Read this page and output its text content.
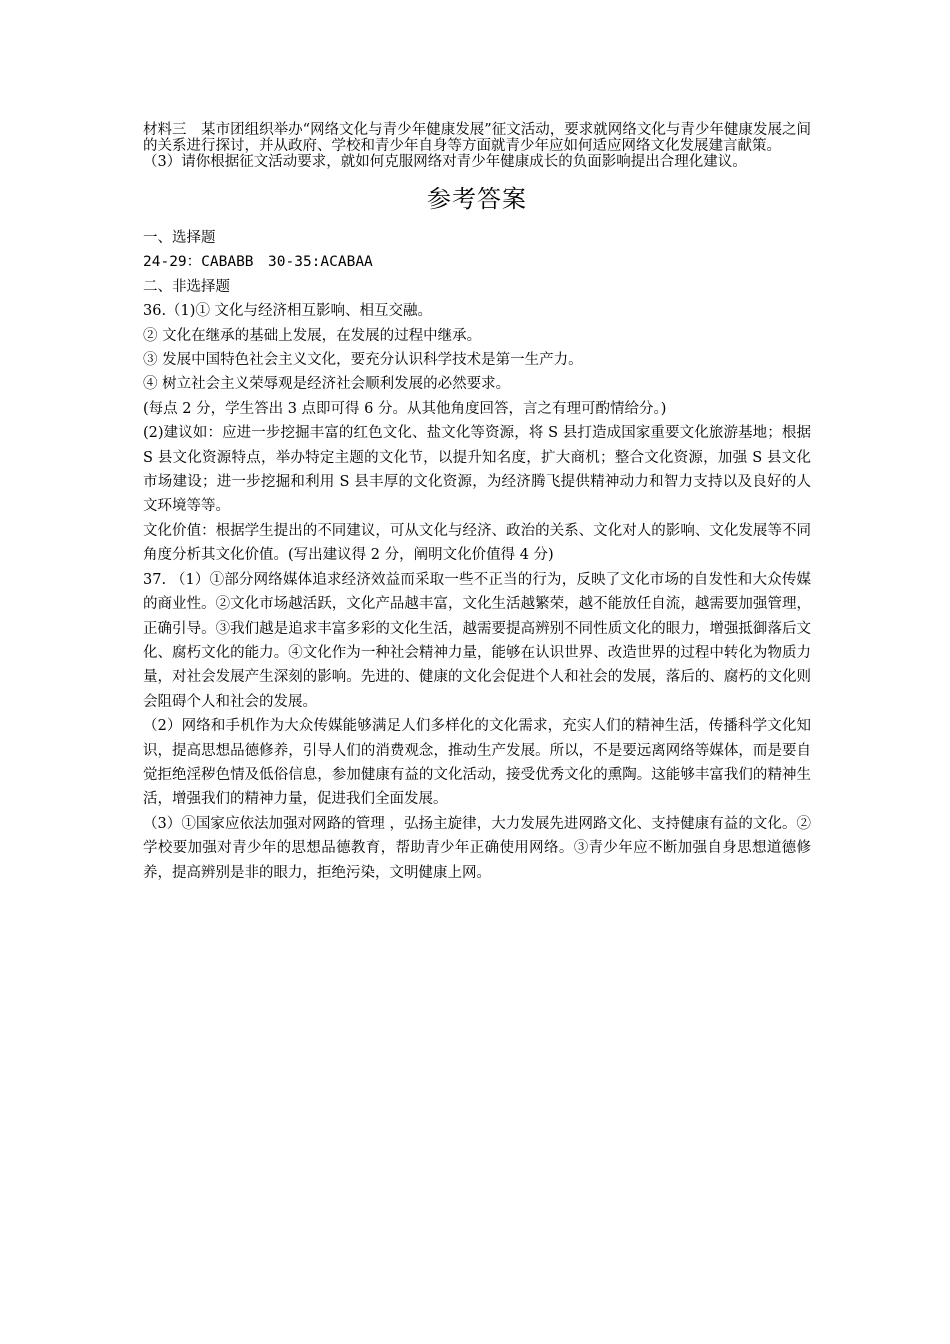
材料三　某市团组织举办“网络文化与青少年健康发展”征文活动，要求就网络文化与青少年健康发展之间的关系进行探讨，并从政府、学校和青少年自身等方面就青少年应如何适应网络文化发展建言献策。

（3）请你根据征文活动要求，就如何克服网络对青少年健康成长的负面影响提出合理化建议。

参考答案

一、选择题

24-29：CABABB　30-35:ACABAA

二、非选择题

36.（1)① 文化与经济相互影响、相互交融。

② 文化在继承的基础上发展，在发展的过程中继承。

③ 发展中国特色社会主义文化，要充分认识科学技术是第一生产力。

④ 树立社会主义荣辱观是经济社会顺利发展的必然要求。

(每点 2 分，学生答出 3 点即可得 6 分。从其他角度回答，言之有理可酌情给分。)

(2)建议如：应进一步挖掘丰富的红色文化、盐文化等资源，将 S 县打造成国家重要文化旅游基地；根据 S 县文化资源特点，举办特定主题的文化节，以提升知名度，扩大商机；整合文化资源，加强 S 县文化市场建设；进一步挖掘和利用 S 县丰厚的文化资源，为经济腾飞提供精神动力和智力支持以及良好的人文环境等等。

文化价值：根据学生提出的不同建议，可从文化与经济、政治的关系、文化对人的影响、文化发展等不同角度分析其文化价值。(写出建议得 2 分，阐明文化价值得 4 分)

37. （1）①部分网络媒体追求经济效益而采取一些不正当的行为，反映了文化市场的自发性和大众传媒的商业性。②文化市场越活跃，文化产品越丰富，文化生活越繁荣，越不能放任自流，越需要加强管理，正确引导。③我们越是追求丰富多彩的文化生活，越需要提高辨别不同性质文化的眼力，增强抵御落后文化、腐朽文化的能力。④文化作为一种社会精神力量，能够在认识世界、改造世界的过程中转化为物质力量，对社会发展产生深刻的影响。先进的、健康的文化会促进个人和社会的发展，落后的、腐朽的文化则会阻碍个人和社会的发展。

（2）网络和手机作为大众传媒能够满足人们多样化的文化需求，充实人们的精神生活，传播科学文化知识，提高思想品德修养，引导人们的消费观念，推动生产发展。所以，不是要远离网络等媒体，而是要自觉拒绝淫秽色情及低俗信息，参加健康有益的文化活动，接受优秀文化的熏陶。这能够丰富我们的精神生活，增强我们的精神力量，促进我们全面发展。

（3）①国家应依法加强对网路的管理 ，弘扬主旋律，大力发展先进网路文化、支持健康有益的文化。②学校要加强对青少年的思想品德教育，帮助青少年正确使用网络。③青少年应不断加强自身思想道德修养，提高辨别是非的眼力，拒绝污染，文明健康上网。
